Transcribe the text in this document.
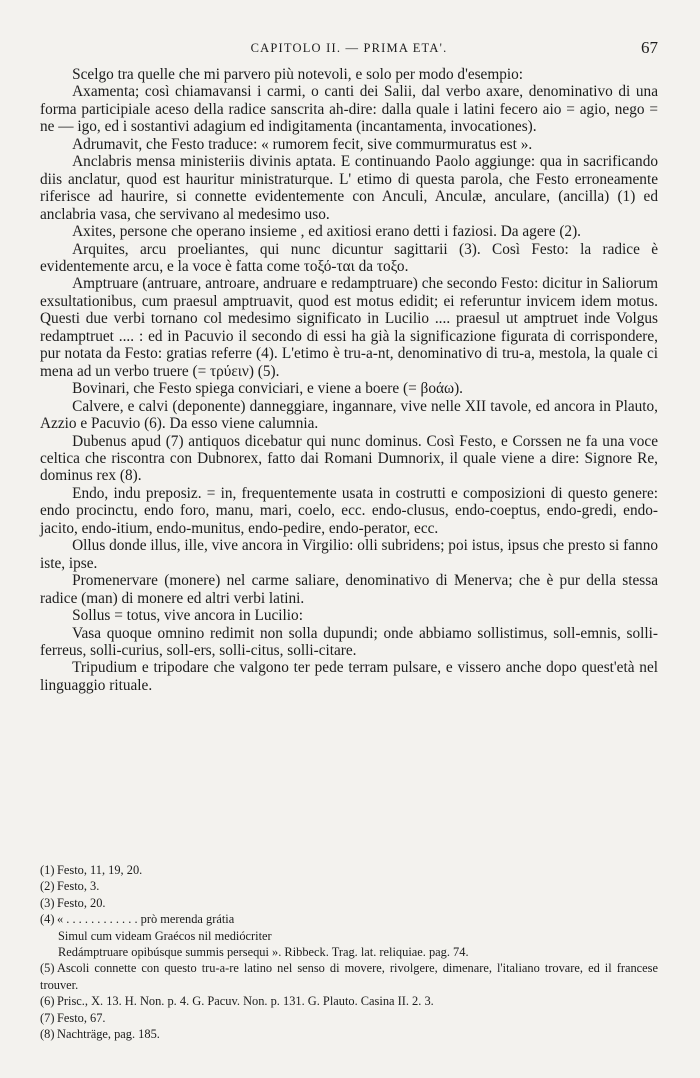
CAPITOLO II. — PRIMA ETA'.	67

Scelgo tra quelle che mi parvero più notevoli, e solo per modo d'esempio:

Axamenta; così chiamavansi i carmi, o canti dei Salii, dal verbo axare, denominativo di una forma participiale aceso della radice sanscrita ah-dire: dalla quale i latini fecero aio = agio, nego = ne — igo, ed i sostantivi adagium ed indigitamenta (incantamenta, invocationes).

Adrumavit, che Festo traduce: « rumorem fecit, sive commurmuratus est ».

Anclabris mensa ministeriis divinis aptata. E continuando Paolo aggiunge: qua in sacrificando diis anclatur, quod est hauritur ministraturque. L' etimo di questa parola, che Festo erroneamente riferisce ad haurire, si connette evidentemente con Anculi, Anculæ, anculare, (ancilla) (1) ed anclabria vasa, che servivano al medesimo uso.

Axites, persone che operano insieme , ed axitiosi erano detti i faziosi. Da agere (2).

Arquites, arcu proeliantes, qui nunc dicuntur sagittarii (3). Così Festo: la radice è evidentemente arcu, e la voce è fatta come τοξό-ται da τοξο.

Amptruare (antruare, antroare, andruare e redamptruare) che secondo Festo: dicitur in Saliorum exsultationibus, cum praesul amptruavit, quod est motus edidit; ei referuntur invicem idem motus. Questi due verbi tornano col medesimo significato in Lucilio .... praesul ut amptruet inde Volgus redamptruet .... : ed in Pacuvio il secondo di essi ha già la significazione figurata di corrispondere, pur notata da Festo: gratias referre (4). L'etimo è tru-a-nt, denominativo di tru-a, mestola, la quale ci mena ad un verbo truere (= τρύειν) (5).

Bovinari, che Festo spiega conviciari, e viene a boere (= βοάω).

Calvere, e calvi (deponente) danneggiare, ingannare, vive nelle XII tavole, ed ancora in Plauto, Azzio e Pacuvio (6). Da esso viene calumnia.

Dubenus apud (7) antiquos dicebatur qui nunc dominus. Così Festo, e Corssen ne fa una voce celtica che riscontra con Dubnorex, fatto dai Romani Dumnorix, il quale viene a dire: Signore Re, dominus rex (8).

Endo, indu preposiz. = in, frequentemente usata in costrutti e composizioni di questo genere: endo procinctu, endo foro, manu, mari, coelo, ecc. endo-clusus, endo-coeptus, endo-gredi, endo-jacito, endo-itium, endo-munitus, endo-pedire, endo-perator, ecc.

Ollus donde illus, ille, vive ancora in Virgilio: olli subridens; poi istus, ipsus che presto si fanno iste, ipse.

Promenervare (monere) nel carme saliare, denominativo di Menerva; che è pur della stessa radice (man) di monere ed altri verbi latini.

Sollus = totus, vive ancora in Lucilio:

Vasa quoque omnino redimit non solla dupundi; onde abbiamo sollistimus, soll-emnis, solli-ferreus, solli-curius, soll-ers, solli-citus, solli-citare.

Tripudium e tripodare che valgono ter pede terram pulsare, e vissero anche dopo quest'età nel linguaggio rituale.

(1) Festo, 11, 19, 20.

(2) Festo, 3.

(3) Festo, 20.

(4) « . . . . . . . . . . . . prò merenda grátia

Simul cum videam Graécos nil mediócriter

Redámptruare opibúsque summis persequi ». Ribbeck. Trag. lat. reliquiae. pag. 74.

(5) Ascoli connette con questo tru-a-re latino nel senso di movere, rivolgere, dimenare, l'italiano trovare, ed il francese trouver.

(6) Prisc., X. 13. H. Non. p. 4. G. Pacuv. Non. p. 131. G. Plauto. Casina II. 2. 3.

(7) Festo, 67.

(8) Nachträge, pag. 185.
